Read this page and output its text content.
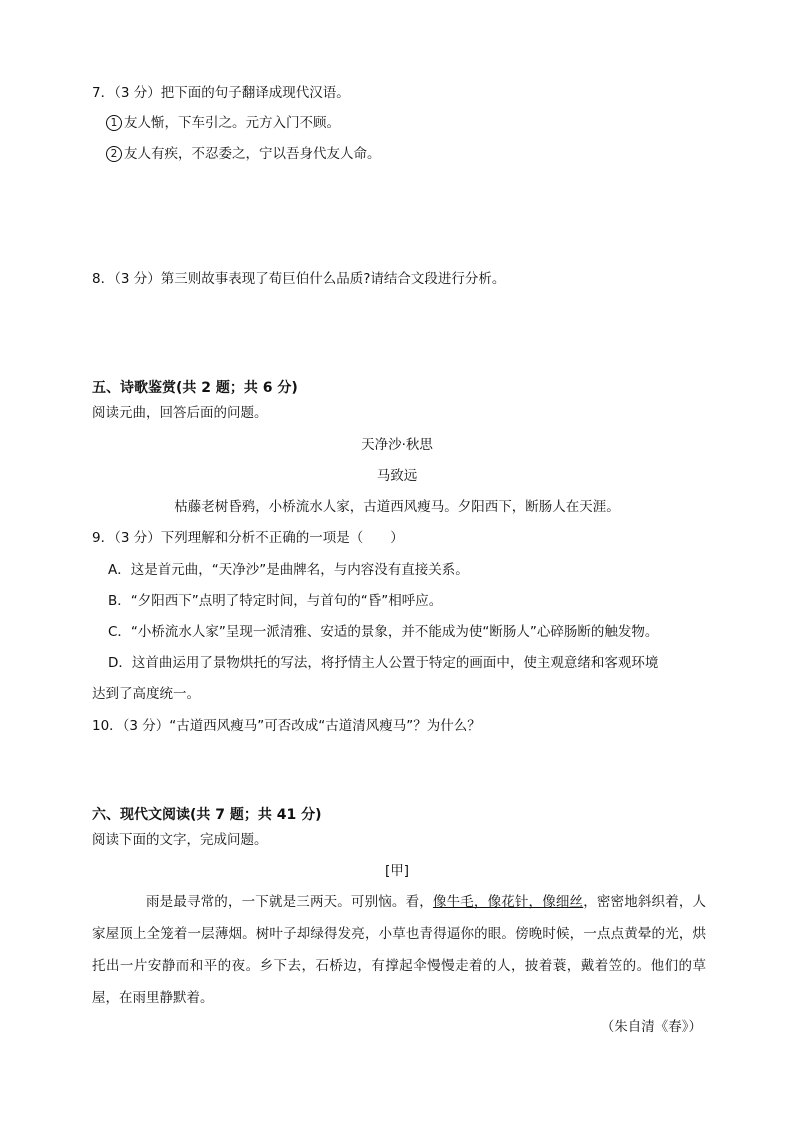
7．（3 分）把下面的句子翻译成现代汉语。

1 友人惭，下车引之。元方入门不顾。

2 友人有疾，不忍委之，宁以吾身代友人命。

8．（3 分）第三则故事表现了荀巨伯什么品质?请结合文段进行分析。

五、诗歌鉴赏(共 2 题；共 6 分)

阅读元曲，回答后面的问题。

天净沙·秋思

马致远

枯藤老树昏鸦，小桥流水人家，古道西风瘦马。夕阳西下，断肠人在天涯。

9．（3 分）下列理解和分析不正确的一项是（　　）

A．这是首元曲，“天净沙”是曲牌名，与内容没有直接关系。

B．“夕阳西下”点明了特定时间，与首句的“昏”相呼应。

C．“小桥流水人家”呈现一派清雅、安适的景象，并不能成为使“断肠人”心碎肠断的触发物。

D．这首曲运用了景物烘托的写法，将抒情主人公置于特定的画面中，使主观意绪和客观环境

达到了高度统一。

10．（3 分）“古道西风瘦马”可否改成“古道清风瘦马”？为什么？

六、现代文阅读(共 7 题；共 41 分)

阅读下面的文字，完成问题。

[甲]

雨是最寻常的，一下就是三两天。可别恼。看，像牛毛，像花针，像细丝，密密地斜织着，人家屋顶上全笼着一层薄烟。树叶子却绿得发亮，小草也青得逼你的眼。傍晚时候，一点点黄晕的光，烘托出一片安静而和平的夜。乡下去，石桥边，有撑起伞慢慢走着的人，披着蓑，戴着笠的。他们的草屋，在雨里静默着。

（朱自清《春》）
